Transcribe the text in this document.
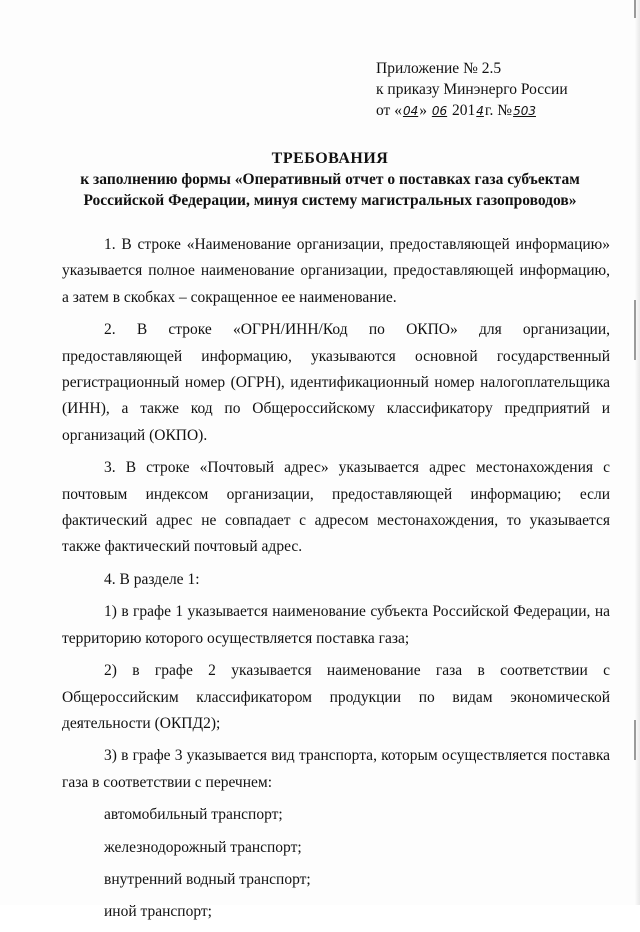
Приложение № 2.5
к приказу Минэнерго России
от «04» 06 2014г. №503
ТРЕБОВАНИЯ
к заполнению формы «Оперативный отчет о поставках газа субъектам
Российской Федерации, минуя систему магистральных газопроводов»

1. В строке «Наименование организации, предоставляющей информацию» указывается полное наименование организации, предоставляющей информацию, а затем в скобках – сокращенное ее наименование.

2. В строке «ОГРН/ИНН/Код по ОКПО» для организации, предоставляющей информацию, указываются основной государственный регистрационный номер (ОГРН), идентификационный номер налогоплательщика (ИНН), а также код по Общероссийскому классификатору предприятий и организаций (ОКПО).

3. В строке «Почтовый адрес» указывается адрес местонахождения с почтовым индексом организации, предоставляющей информацию; если фактический адрес не совпадает с адресом местонахождения, то указывается также фактический почтовый адрес.

4. В разделе 1:

1) в графе 1 указывается наименование субъекта Российской Федерации, на территорию которого осуществляется поставка газа;

2) в графе 2 указывается наименование газа в соответствии с Общероссийским классификатором продукции по видам экономической деятельности (ОКПД2);

3) в графе 3 указывается вид транспорта, которым осуществляется поставка газа в соответствии с перечнем:

автомобильный транспорт;
железнодорожный транспорт;
внутренний водный транспорт;
иной транспорт;
